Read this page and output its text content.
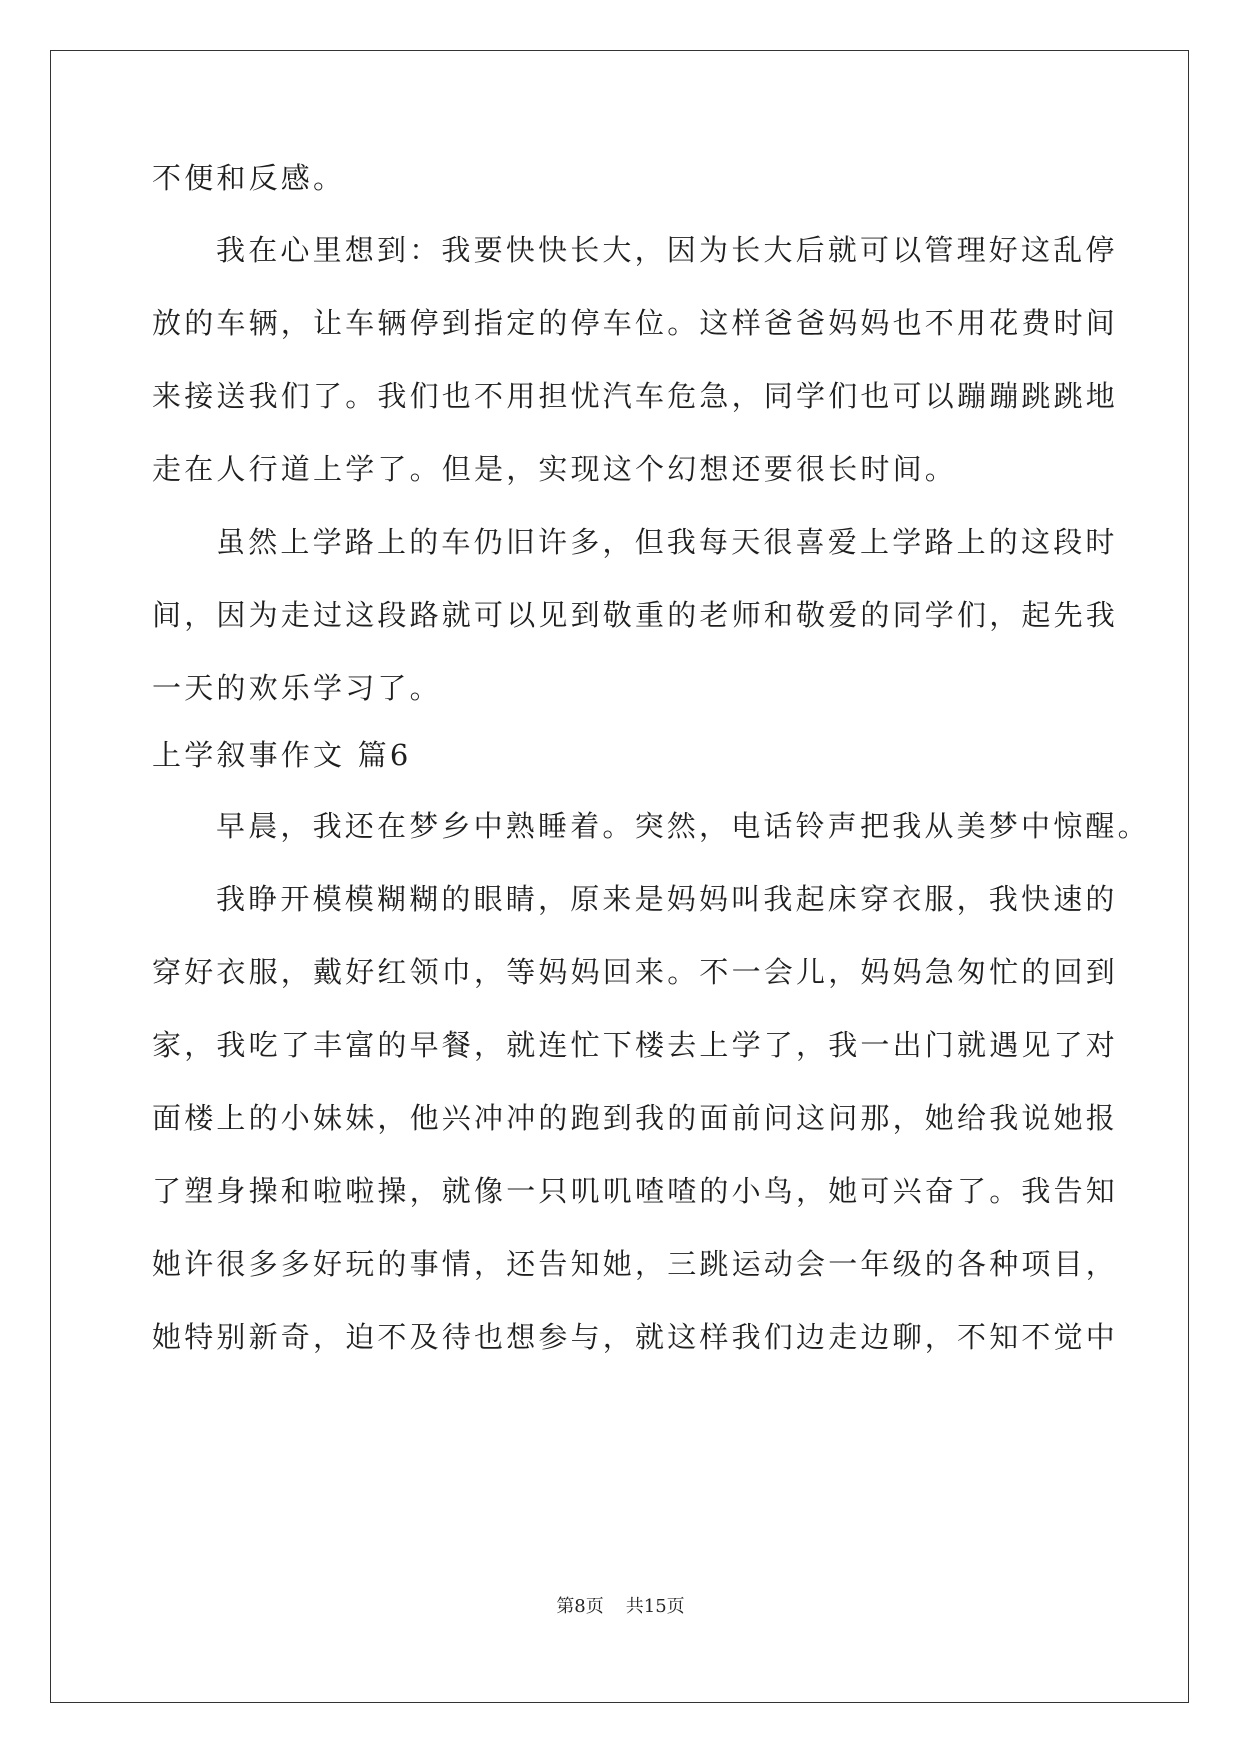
不便和反感。
我在心里想到：我要快快长大，因为长大后就可以管理好这乱停
放的车辆，让车辆停到指定的停车位。这样爸爸妈妈也不用花费时间
来接送我们了。我们也不用担忧汽车危急，同学们也可以蹦蹦跳跳地
走在人行道上学了。但是，实现这个幻想还要很长时间。
虽然上学路上的车仍旧许多，但我每天很喜爱上学路上的这段时
间，因为走过这段路就可以见到敬重的老师和敬爱的同学们，起先我
一天的欢乐学习了。
上学叙事作文 篇6
早晨，我还在梦乡中熟睡着。突然，电话铃声把我从美梦中惊醒。
我睁开模模糊糊的眼睛，原来是妈妈叫我起床穿衣服，我快速的
穿好衣服，戴好红领巾，等妈妈回来。不一会儿，妈妈急匆忙的回到
家，我吃了丰富的早餐，就连忙下楼去上学了，我一出门就遇见了对
面楼上的小妹妹，他兴冲冲的跑到我的面前问这问那，她给我说她报
了塑身操和啦啦操，就像一只叽叽喳喳的小鸟，她可兴奋了。我告知
她许很多多好玩的事情，还告知她，三跳运动会一年级的各种项目，
她特别新奇，迫不及待也想参与，就这样我们边走边聊，不知不觉中
第8页 共15页
